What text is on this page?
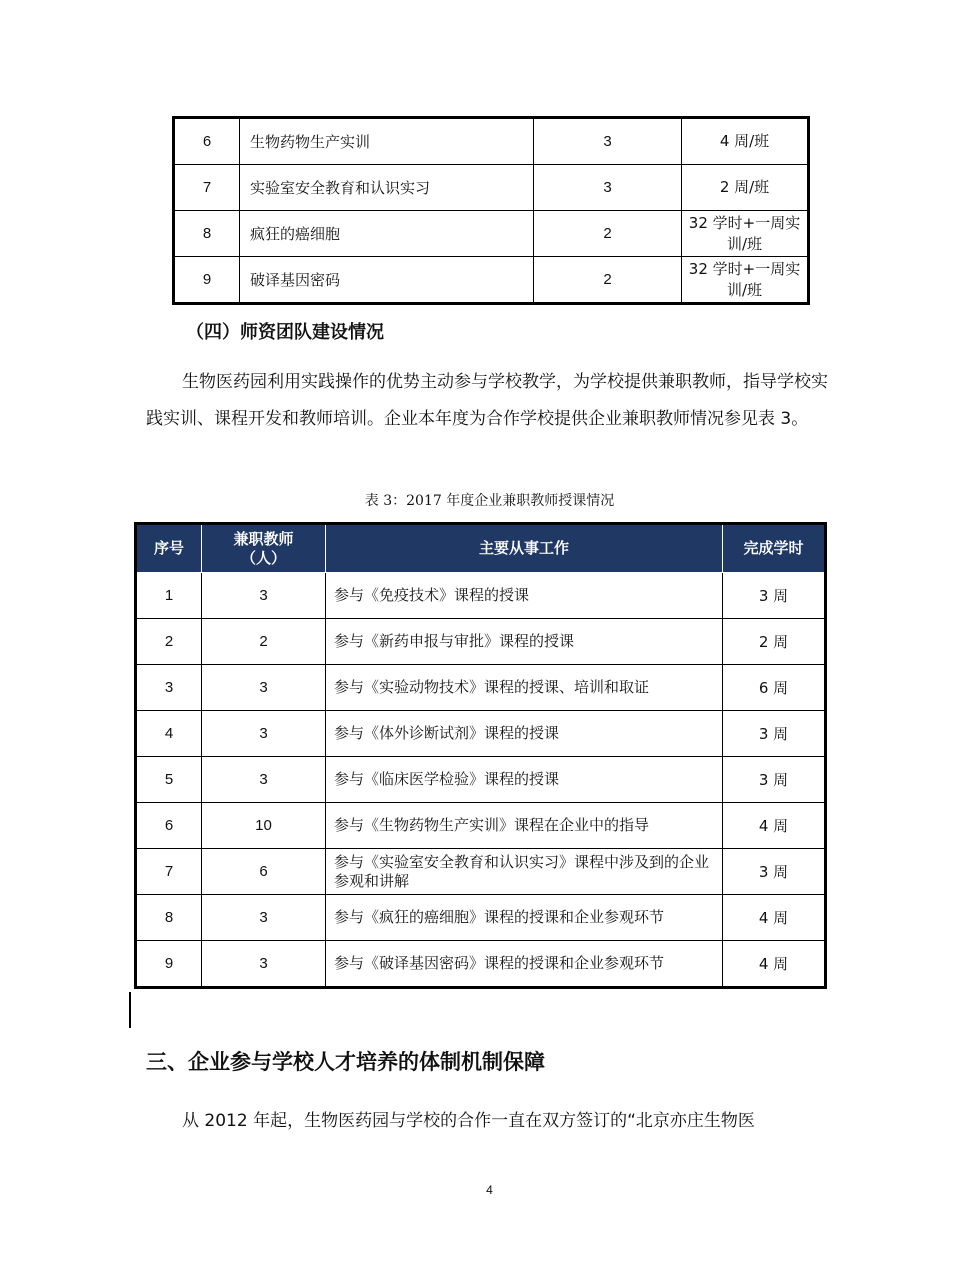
6	生物药物生产实训	3	4 周/班
7	实验室安全教育和认识实习	3	2 周/班
8	疯狂的癌细胞	2	32 学时+一周实训/班
9	破译基因密码	2	32 学时+一周实训/班
（四）师资团队建设情况

生物医药园利用实践操作的优势主动参与学校教学，为学校提供兼职教师，指导学校实践实训、课程开发和教师培训。企业本年度为合作学校提供企业兼职教师情况参见表 3。

表 3：2017 年度企业兼职教师授课情况
序号	兼职教师（人）	主要从事工作	完成学时
1	3	参与《免疫技术》课程的授课	3 周
2	2	参与《新药申报与审批》课程的授课	2 周
3	3	参与《实验动物技术》课程的授课、培训和取证	6 周
4	3	参与《体外诊断试剂》课程的授课	3 周
5	3	参与《临床医学检验》课程的授课	3 周
6	10	参与《生物药物生产实训》课程在企业中的指导	4 周
7	6	参与《实验室安全教育和认识实习》课程中涉及到的企业参观和讲解	3 周
8	3	参与《疯狂的癌细胞》课程的授课和企业参观环节	4 周
9	3	参与《破译基因密码》课程的授课和企业参观环节	4 周
三、企业参与学校人才培养的体制机制保障

从 2012 年起，生物医药园与学校的合作一直在双方签订的“北京亦庄生物医

4
